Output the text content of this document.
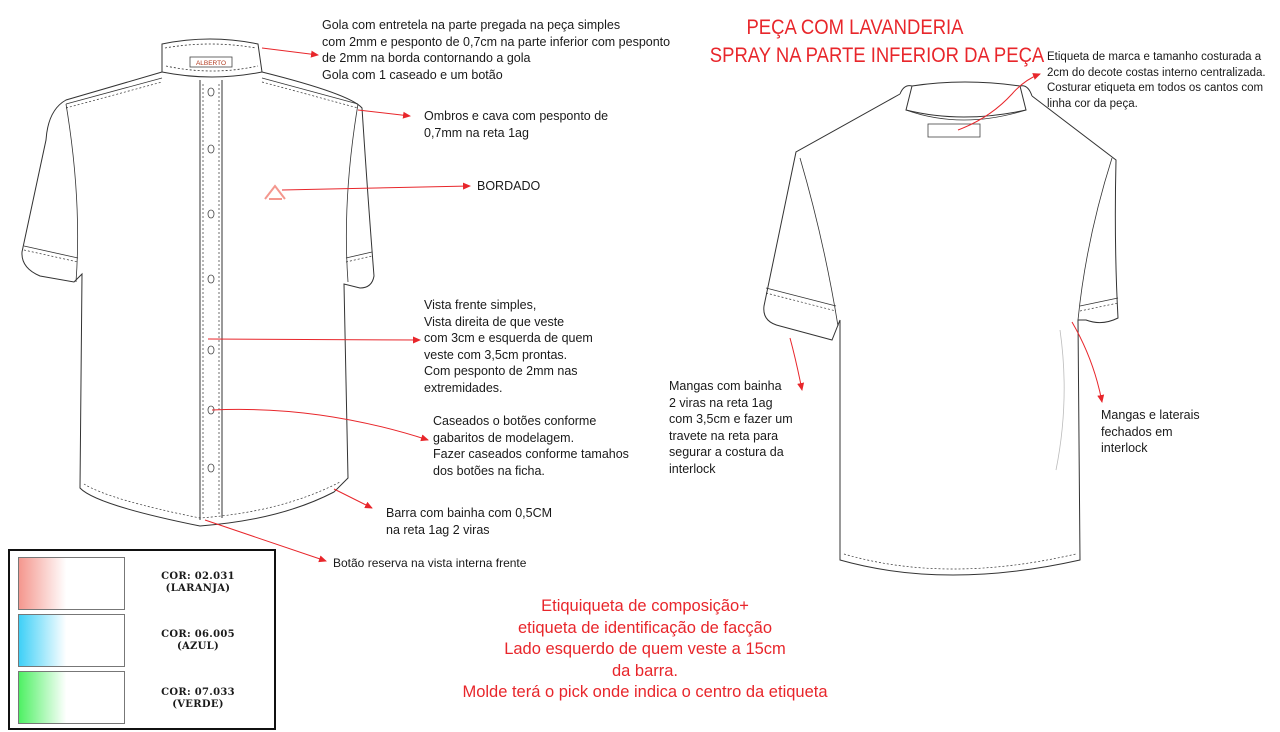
ALBERTO
PEÇA COM LAVANDERIA
SPRAY NA PARTE INFERIOR DA PEÇA
Gola com entretela na parte pregada na peça simples
com 2mm e pesponto de 0,7cm na parte inferior com pesponto
de 2mm na borda contornando a gola
Gola com 1 caseado e um botão
Ombros e cava com pesponto de
0,7mm na reta 1ag
BORDADO
Vista frente simples,
Vista direita de que veste
com 3cm e esquerda de quem
veste com 3,5cm prontas.
Com pesponto de 2mm nas
extremidades.
Caseados o botões conforme
gabaritos de modelagem.
Fazer caseados conforme tamahos
dos botões na ficha.
Barra com bainha com 0,5CM
na reta 1ag 2 viras
Botão reserva na vista interna frente
Etiqueta de marca e tamanho costurada a
2cm do decote costas interno centralizada.
Costurar etiqueta em todos os cantos com
linha cor da peça.
Mangas com bainha
2 viras na reta 1ag
com 3,5cm e fazer um
travete na reta para
segurar a costura da
interlock
Mangas e laterais
fechados em
interlock
Etiquiqueta de composição+
etiqueta de identificação de facção
Lado esquerdo de quem veste a 15cm
da barra.
Molde terá o pick onde indica o centro da etiqueta
COR: 02.031
(LARANJA)
COR: 06.005
(AZUL)
COR: 07.033
(VERDE)
